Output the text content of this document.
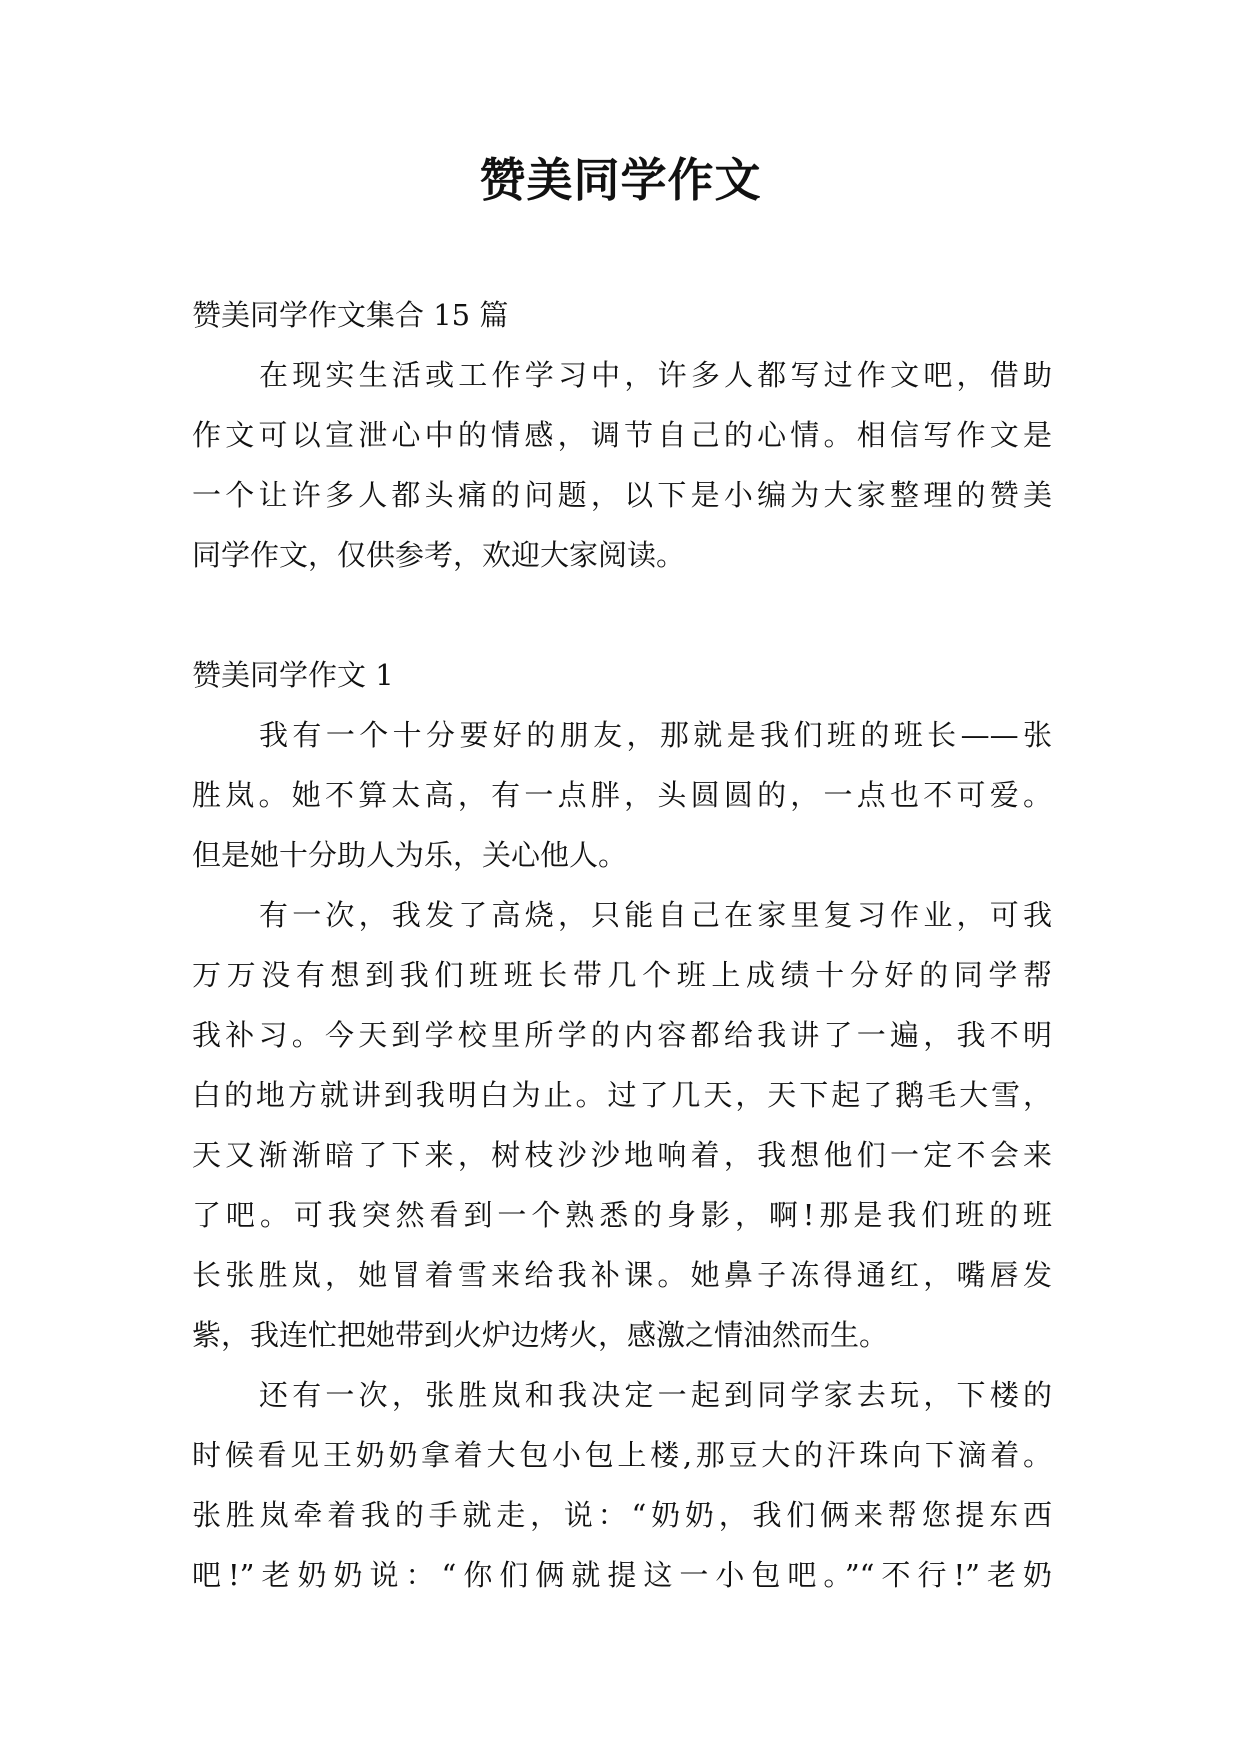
赞美同学作文
赞美同学作文集合 15 篇
在现实生活或工作学习中，许多人都写过作文吧，借助
作文可以宣泄心中的情感，调节自己的心情。相信写作文是
一个让许多人都头痛的问题，以下是小编为大家整理的赞美
同学作文，仅供参考，欢迎大家阅读。
赞美同学作文 1
我有一个十分要好的朋友，那就是我们班的班长——张
胜岚。她不算太高，有一点胖，头圆圆的，一点也不可爱。
但是她十分助人为乐，关心他人。
有一次，我发了高烧，只能自己在家里复习作业，可我
万万没有想到我们班班长带几个班上成绩十分好的同学帮
我补习。今天到学校里所学的内容都给我讲了一遍，我不明
白的地方就讲到我明白为止。过了几天，天下起了鹅毛大雪，
天又渐渐暗了下来，树枝沙沙地响着，我想他们一定不会来
了吧。可我突然看到一个熟悉的身影，啊!那是我们班的班
长张胜岚，她冒着雪来给我补课。她鼻子冻得通红，嘴唇发
紫，我连忙把她带到火炉边烤火，感激之情油然而生。
还有一次，张胜岚和我决定一起到同学家去玩，下楼的
时候看见王奶奶拿着大包小包上楼,那豆大的汗珠向下滴着。
张胜岚牵着我的手就走，说：“奶奶，我们俩来帮您提东西
吧!”老奶奶说：“你们俩就提这一小包吧。”“不行!”老奶
